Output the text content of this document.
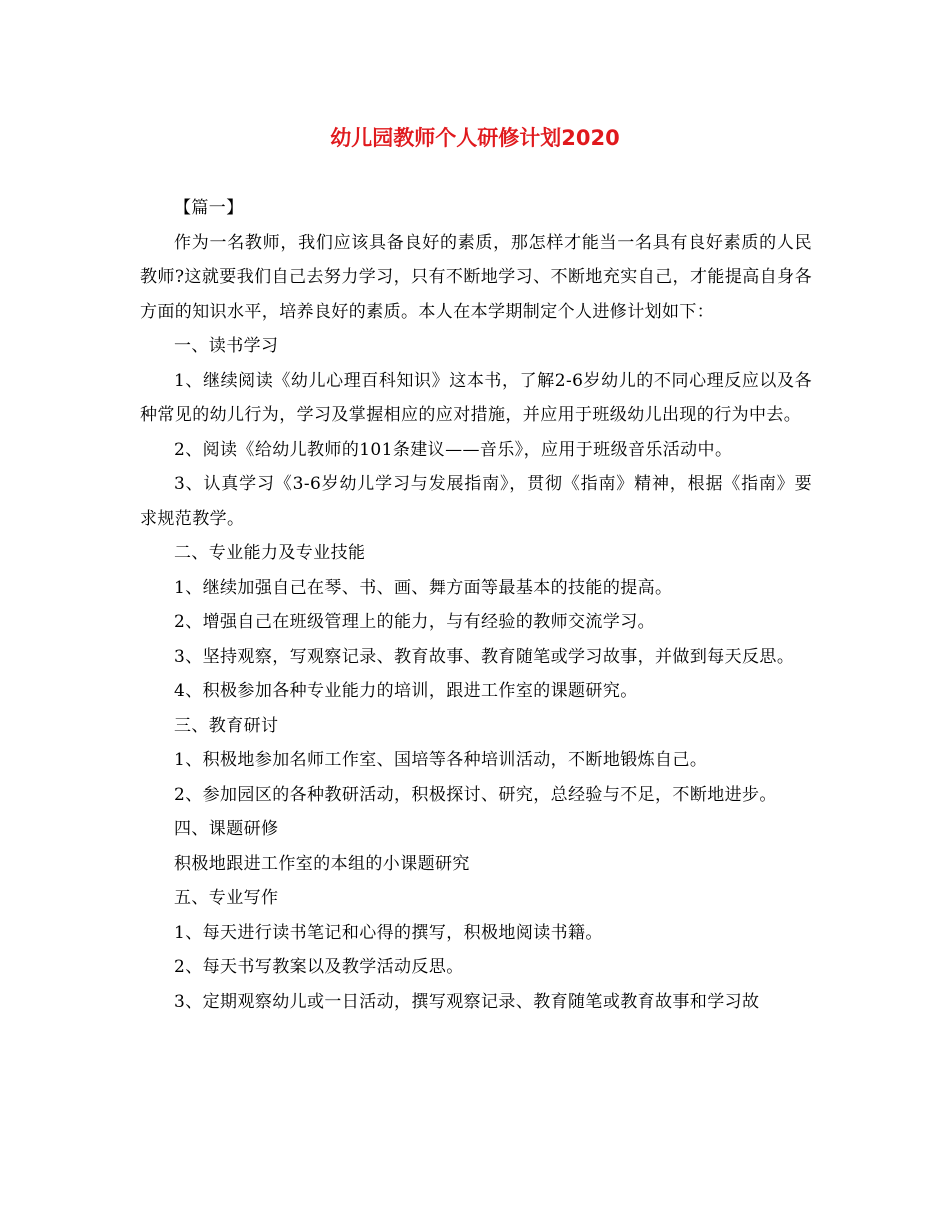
幼儿园教师个人研修计划2020

【篇一】

作为一名教师，我们应该具备良好的素质，那怎样才能当一名具有良好素质的人民教师?这就要我们自己去努力学习，只有不断地学习、不断地充实自己，才能提高自身各方面的知识水平，培养良好的素质。本人在本学期制定个人进修计划如下：

一、读书学习

1、继续阅读《幼儿心理百科知识》这本书，了解2-6岁幼儿的不同心理反应以及各种常见的幼儿行为，学习及掌握相应的应对措施，并应用于班级幼儿出现的行为中去。

2、阅读《给幼儿教师的101条建议——音乐》，应用于班级音乐活动中。

3、认真学习《3-6岁幼儿学习与发展指南》，贯彻《指南》精神，根据《指南》要求规范教学。

二、专业能力及专业技能

1、继续加强自己在琴、书、画、舞方面等最基本的技能的提高。

2、增强自己在班级管理上的能力，与有经验的教师交流学习。

3、坚持观察，写观察记录、教育故事、教育随笔或学习故事，并做到每天反思。

4、积极参加各种专业能力的培训，跟进工作室的课题研究。

三、教育研讨

1、积极地参加名师工作室、国培等各种培训活动，不断地锻炼自己。

2、参加园区的各种教研活动，积极探讨、研究，总经验与不足，不断地进步。

四、课题研修

积极地跟进工作室的本组的小课题研究

五、专业写作

1、每天进行读书笔记和心得的撰写，积极地阅读书籍。

2、每天书写教案以及教学活动反思。

3、定期观察幼儿或一日活动，撰写观察记录、教育随笔或教育故事和学习故
